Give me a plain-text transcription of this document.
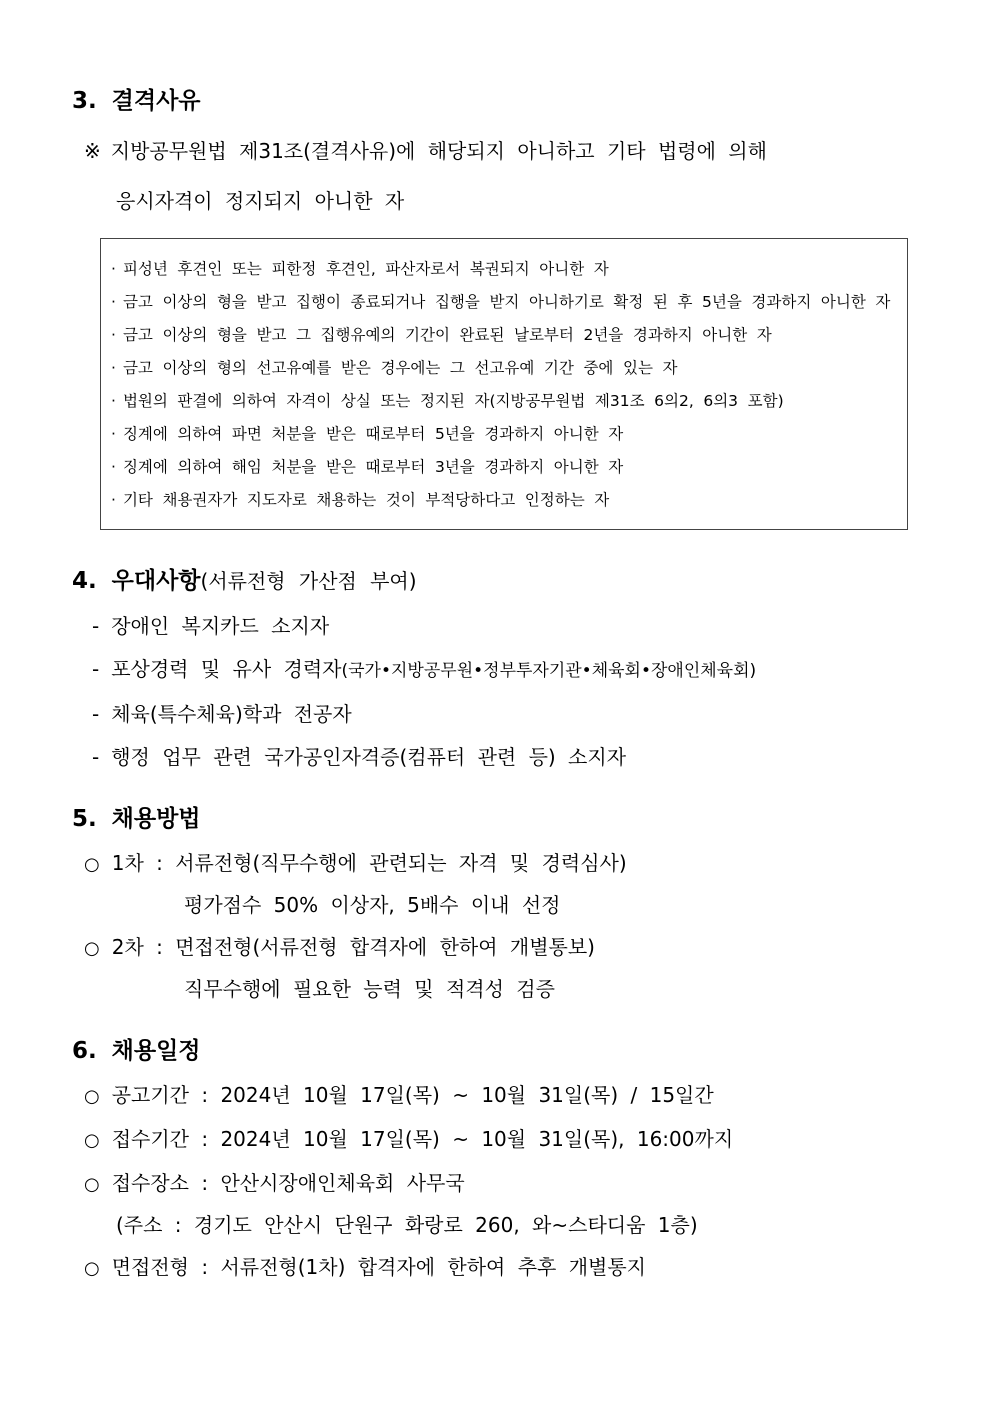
3. 결격사유
※ 지방공무원법 제31조(결격사유)에 해당되지 아니하고 기타 법령에 의해
응시자격이 정지되지 아니한 자
· 피성년 후견인 또는 피한정 후견인, 파산자로서 복권되지 아니한 자
· 금고 이상의 형을 받고 집행이 종료되거나 집행을 받지 아니하기로 확정 된 후 5년을 경과하지 아니한 자
· 금고 이상의 형을 받고 그 집행유예의 기간이 완료된 날로부터 2년을 경과하지 아니한 자
· 금고 이상의 형의 선고유예를 받은 경우에는 그 선고유예 기간 중에 있는 자
· 법원의 판결에 의하여 자격이 상실 또는 정지된 자(지방공무원법 제31조 6의2, 6의3 포함)
· 징계에 의하여 파면 처분을 받은 때로부터 5년을 경과하지 아니한 자
· 징계에 의하여 해임 처분을 받은 때로부터 3년을 경과하지 아니한 자
· 기타 채용권자가 지도자로 채용하는 것이 부적당하다고 인정하는 자
4. 우대사항(서류전형 가산점 부여)
- 장애인 복지카드 소지자
- 포상경력 및 유사 경력자(국가•지방공무원•정부투자기관•체육회•장애인체육회)
- 체육(특수체육)학과 전공자
- 행정 업무 관련 국가공인자격증(컴퓨터 관련 등) 소지자
5. 채용방법
○ 1차 : 서류전형(직무수행에 관련되는 자격 및 경력심사)
평가점수 50% 이상자, 5배수 이내 선정
○ 2차 : 면접전형(서류전형 합격자에 한하여 개별통보)
직무수행에 필요한 능력 및 적격성 검증
6. 채용일정
○ 공고기간 : 2024년 10월 17일(목) ~ 10월 31일(목) / 15일간
○ 접수기간 : 2024년 10월 17일(목) ~ 10월 31일(목), 16:00까지
○ 접수장소 : 안산시장애인체육회 사무국
(주소 : 경기도 안산시 단원구 화랑로 260, 와~스타디움 1층)
○ 면접전형 : 서류전형(1차) 합격자에 한하여 추후 개별통지
